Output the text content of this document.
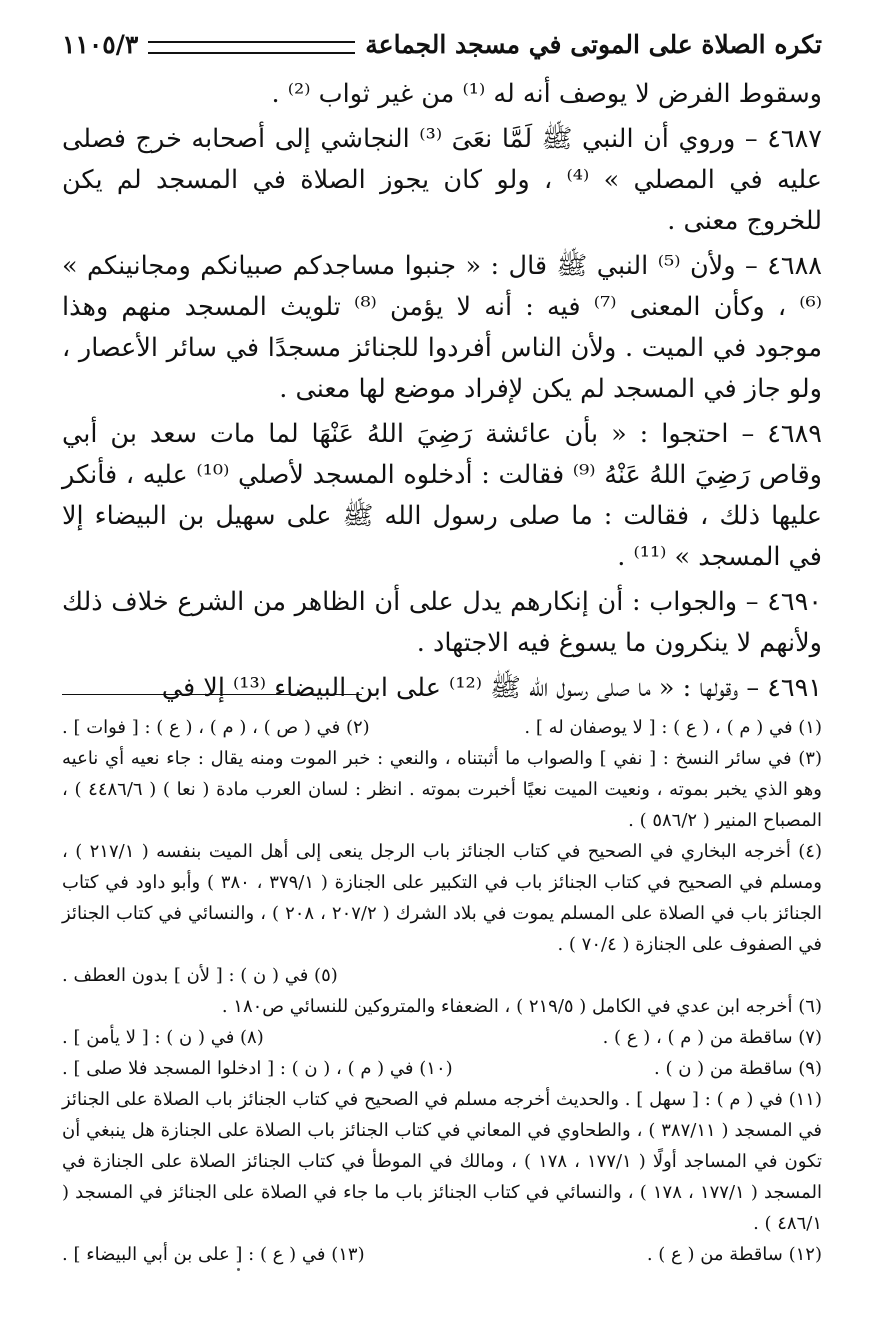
تكره الصلاة على الموتى في مسجد الجماعة
١١٠٥/٣

وسقوط الفرض لا يوصف أنه له ⁽¹⁾ من غير ثواب ⁽²⁾ .

٤٦٨٧ – وروي أن النبي ﷺ لَمَّا نعَىَ ⁽³⁾ النجاشي إلى أصحابه خرج فصلى عليه في المصلي » ⁽⁴⁾ ، ولو كان يجوز الصلاة في المسجد لم يكن للخروج معنى .

٤٦٨٨ – ولأن ⁽⁵⁾ النبي ﷺ قال : « جنبوا مساجدكم صبيانكم ومجانينكم » ⁽⁶⁾ ، وكأن المعنى ⁽⁷⁾ فيه : أنه لا يؤمن ⁽⁸⁾ تلويث المسجد منهم وهذا موجود في الميت . ولأن الناس أفردوا للجنائز مسجدًا في سائر الأعصار ، ولو جاز في المسجد لم يكن لإفراد موضع لها معنى .

٤٦٨٩ – احتجوا : « بأن عائشة رَضِيَ اللهُ عَنْهَا لما مات سعد بن أبي وقاص رَضِيَ اللهُ عَنْهُ ⁽⁹⁾ فقالت : أدخلوه المسجد لأصلي ⁽¹⁰⁾ عليه ، فأنكر عليها ذلك ، فقالت : ما صلى رسول الله ﷺ على سهيل بن البيضاء إلا في المسجد » ⁽¹¹⁾ .

٤٦٩٠ – والجواب : أن إنكارهم يدل على أن الظاهر من الشرع خلاف ذلك ولأنهم لا ينكرون ما يسوغ فيه الاجتهاد .

٤٦٩١ – وقولها : « ما صلى رسول الله ﷺ ⁽¹²⁾ على ابن البيضاء ⁽¹³⁾ إلا في

(١) في ( م ) ، ( ع ) : [ لا يوصفان له ] .
(٢) في ( ص ) ، ( م ) ، ( ع ) : [ فوات ] .

(٣) في سائر النسخ : [ نفي ] والصواب ما أثبتناه ، والنعي : خبر الموت ومنه يقال : جاء نعيه أي ناعيه وهو الذي يخبر بموته ، ونعيت الميت نعيًا أخبرت بموته . انظر : لسان العرب مادة ( نعا ) ( ٤٤٨٦/٦ ) ، المصباح المنير ( ٥٨٦/٢ ) .

(٤) أخرجه البخاري في الصحيح في كتاب الجنائز باب الرجل ينعى إلى أهل الميت بنفسه ( ٢١٧/١ ) ، ومسلم في الصحيح في كتاب الجنائز باب في التكبير على الجنازة ( ٣٧٩/١ ، ٣٨٠ ) وأبو داود في كتاب الجنائز باب في الصلاة على المسلم يموت في بلاد الشرك ( ٢٠٧/٢ ، ٢٠٨ ) ، والنسائي في كتاب الجنائز في الصفوف على الجنازة ( ٧٠/٤ ) .

(٥) في ( ن ) : [ لأن ] بدون العطف .

(٦) أخرجه ابن عدي في الكامل ( ٢١٩/٥ ) ، الضعفاء والمتروكين للنسائي ص١٨٠ .

(٧) ساقطة من ( م ) ، ( ع ) .
(٨) في ( ن ) : [ لا يأمن ] .
(٩) ساقطة من ( ن ) .
(١٠) في ( م ) ، ( ن ) : [ ادخلوا المسجد فلا صلى ] .

(١١) في ( م ) : [ سهل ] . والحديث أخرجه مسلم في الصحيح في كتاب الجنائز باب الصلاة على الجنائز في المسجد ( ٣٨٧/١١ ) ، والطحاوي في المعاني في كتاب الجنائز باب الصلاة على الجنازة هل ينبغي أن تكون في المساجد أولًا ( ١٧٧/١ ، ١٧٨ ) ، ومالك في الموطأ في كتاب الجنائز الصلاة على الجنازة في المسجد ( ١٧٧/١ ، ١٧٨ ) ، والنسائي في كتاب الجنائز باب ما جاء في الصلاة على الجنائز في المسجد ( ٤٨٦/١ ) .

(١٢) ساقطة من ( ع ) .
(١٣) في ( ع ) : [ على بن أبي البيضاء ] .
